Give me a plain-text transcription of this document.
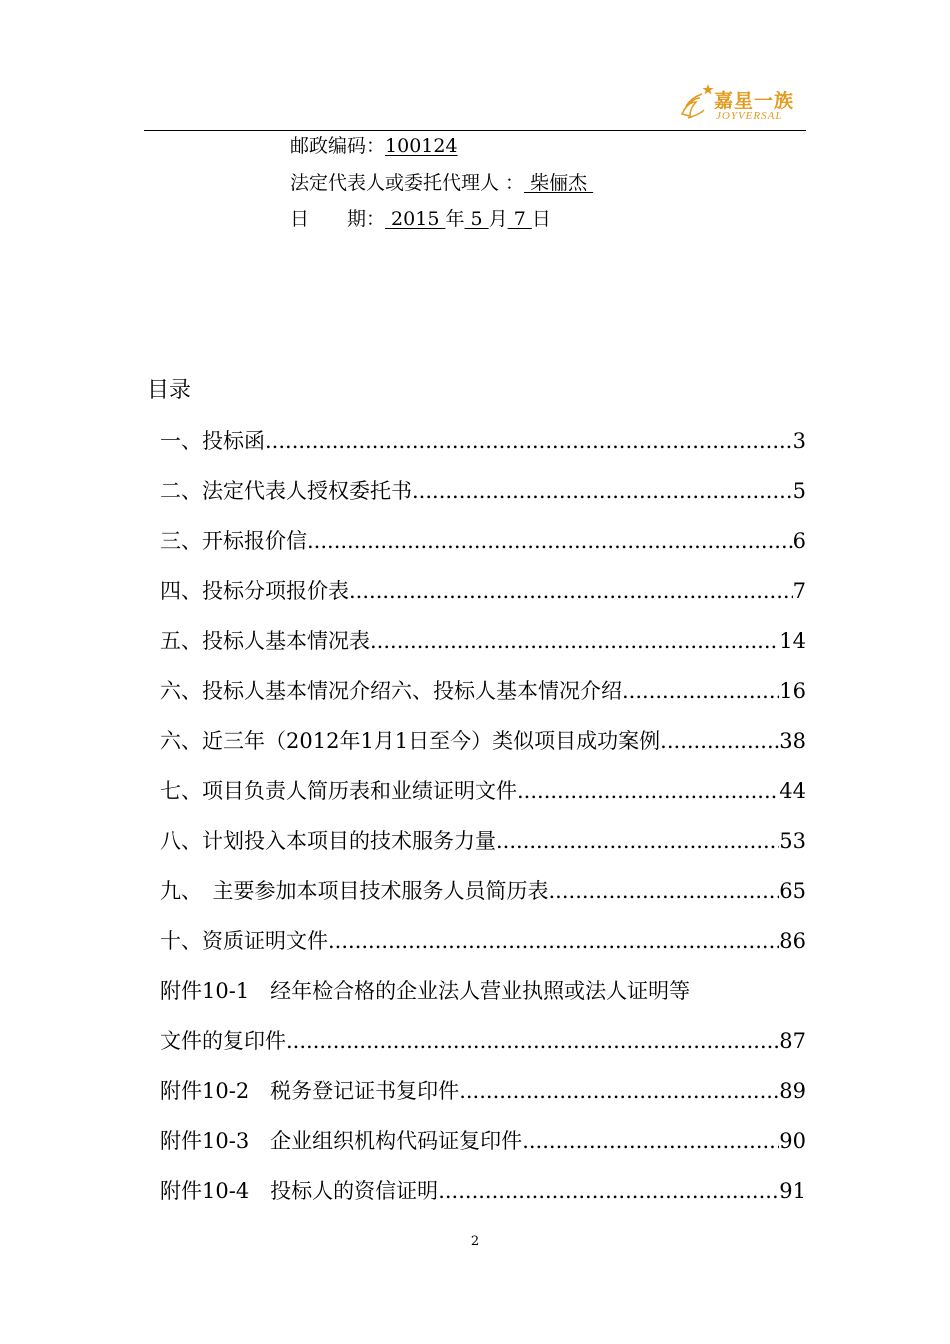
嘉星一族
JOYVERSAL
邮政编码：100124
法定代表人或委托代理人 ： 柴俪杰
日　　期： 2015 年 5 月 7 日
目录
一、投标函 .....	3
二、法定代表人授权委托书 .....	5
三、开标报价信 .....	6
四、投标分项报价表 .....	7
五、投标人基本情况表 .....	14
六、投标人基本情况介绍六、投标人基本情况介绍 .....	16
六、近三年（2012年1月1日至今）类似项目成功案例 .....	38
七、项目负责人简历表和业绩证明文件 .....	44
八、计划投入本项目的技术服务力量 .....	53
九、　主要参加本项目技术服务人员简历表 .....	65
十、资质证明文件 .....	86
附件10-1　经年检合格的企业法人营业执照或法人证明等
文件的复印件 .....	87
附件10-2　税务登记证书复印件 .....	89
附件10-3　企业组织机构代码证复印件 .....	90
附件10-4　投标人的资信证明 .....	91
2
